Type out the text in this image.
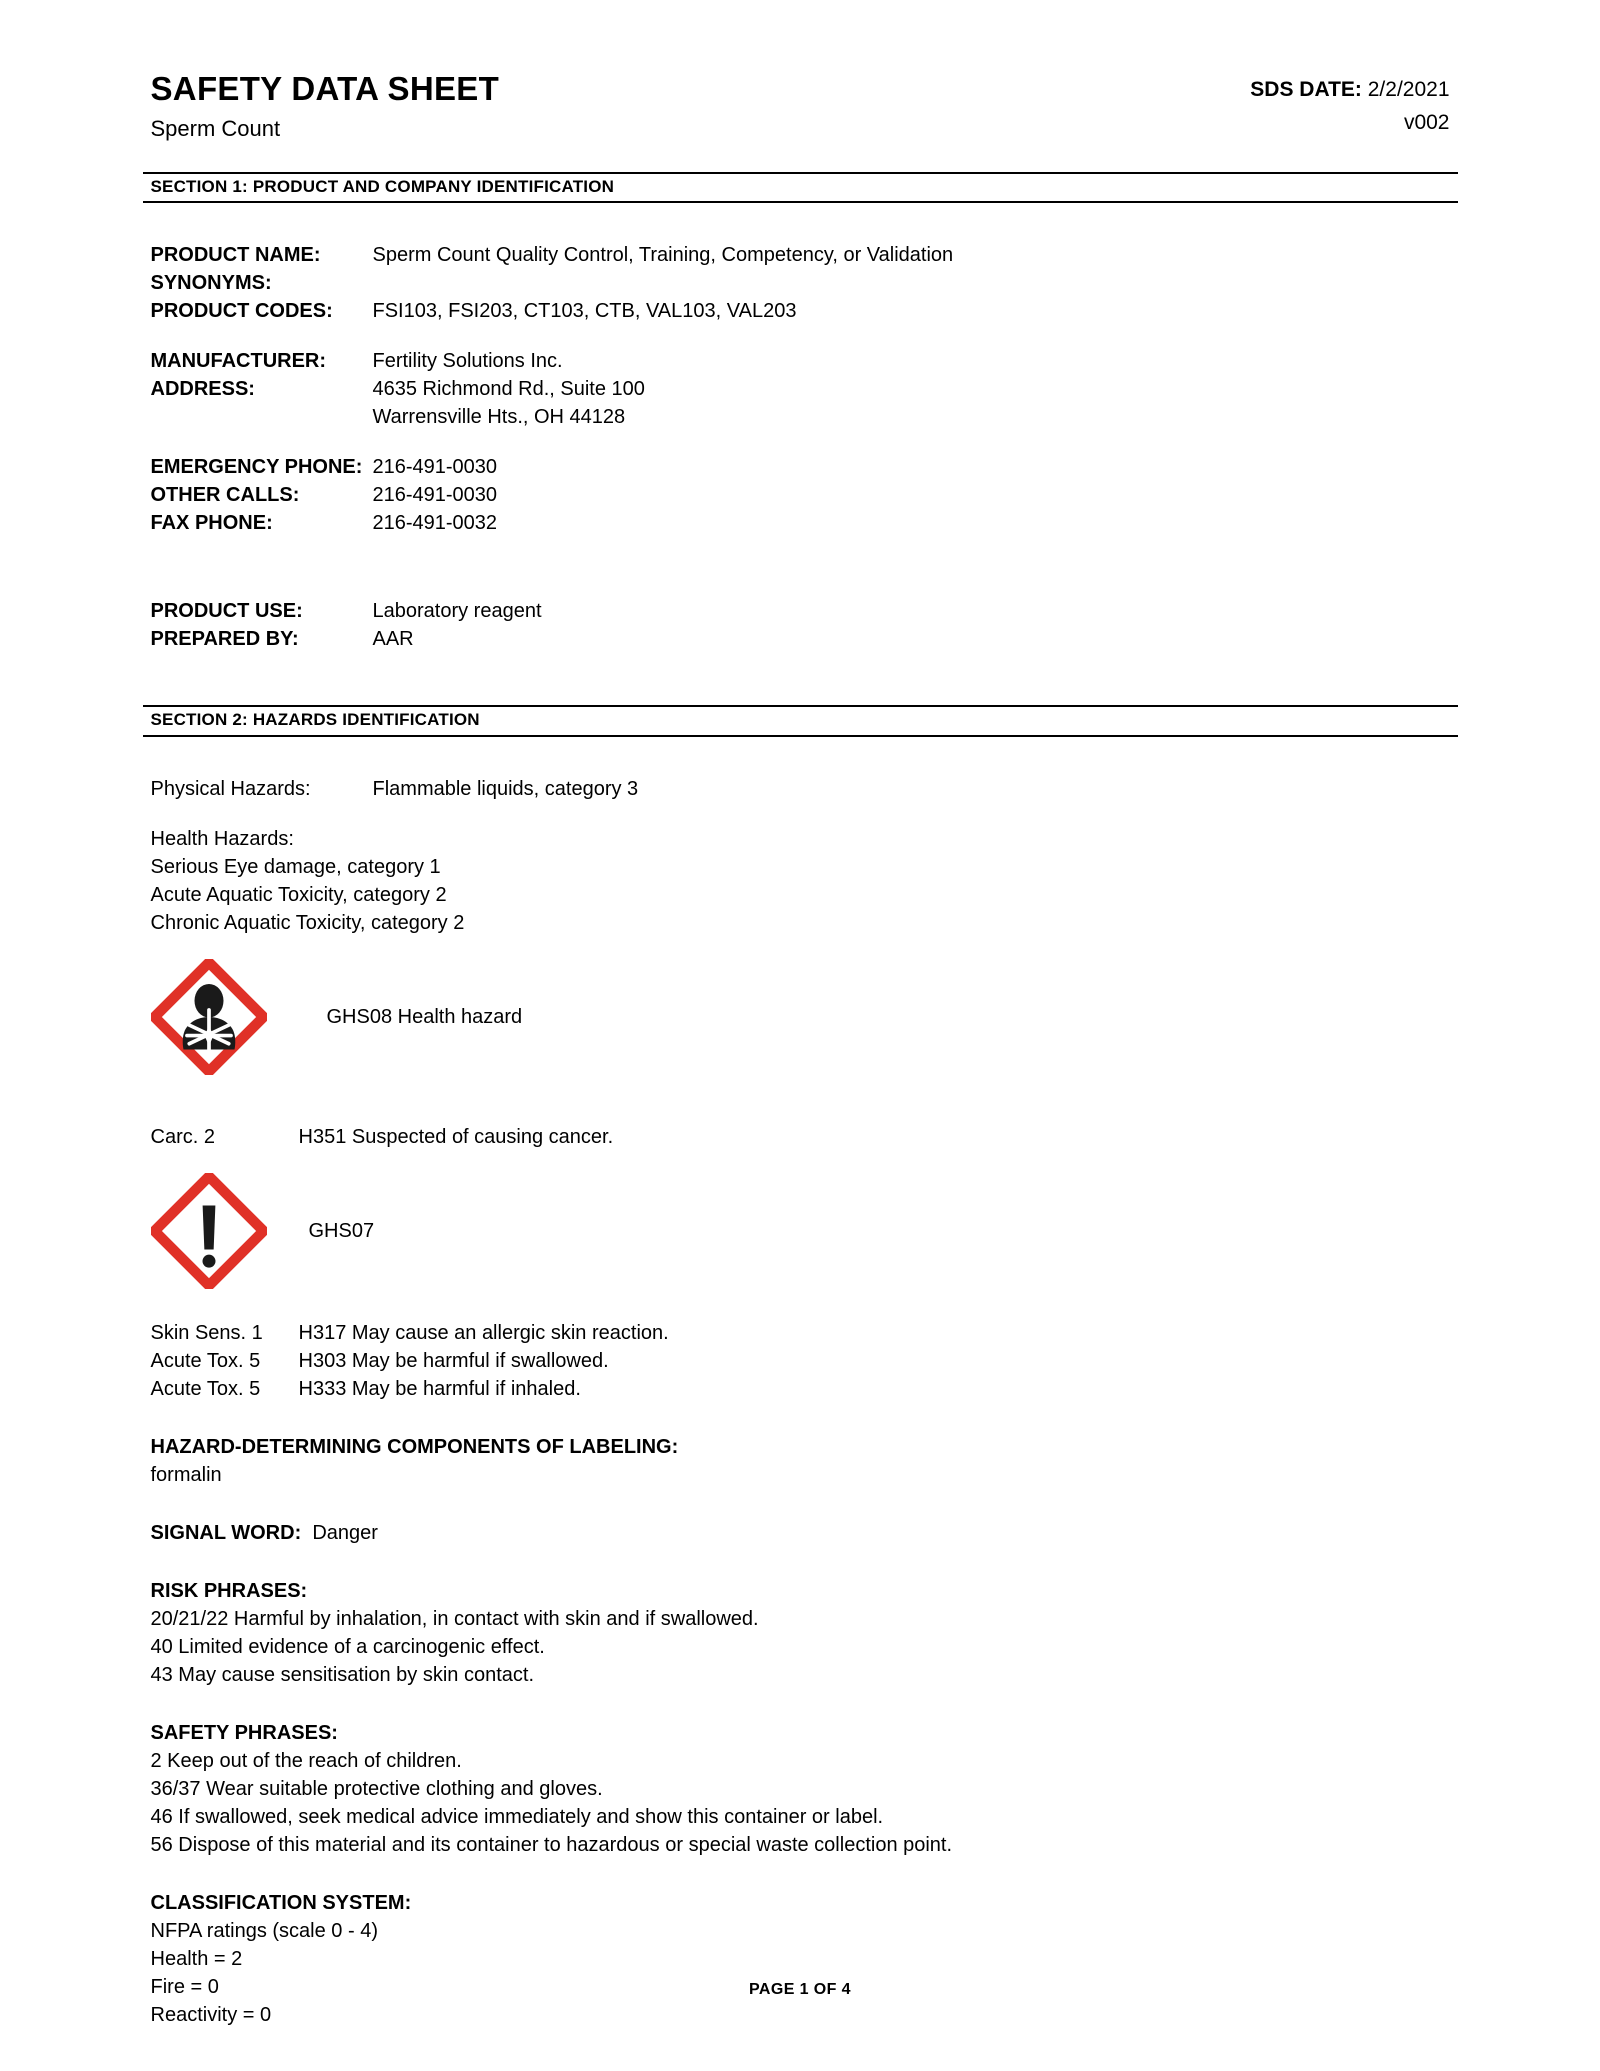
SAFETY DATA SHEET
Sperm Count
SDS DATE: 2/2/2021
v002
SECTION 1: PRODUCT AND COMPANY IDENTIFICATION
PRODUCT NAME:	Sperm Count Quality Control, Training, Competency, or Validation
SYNONYMS:
PRODUCT CODES:	FSI103, FSI203, CT103, CTB, VAL103, VAL203
MANUFACTURER:	Fertility Solutions Inc.
ADDRESS:	4635 Richmond Rd., Suite 100
Warrensville Hts., OH 44128
EMERGENCY PHONE: 216-491-0030
OTHER CALLS:	216-491-0030
FAX PHONE:	216-491-0032
PRODUCT USE:	Laboratory reagent
PREPARED BY:	AAR
SECTION 2: HAZARDS IDENTIFICATION
Physical Hazards:	Flammable liquids, category 3
Health Hazards:
Serious Eye damage, category 1
Acute Aquatic Toxicity, category 2
Chronic Aquatic Toxicity, category 2
GHS08 Health hazard
Carc. 2	H351 Suspected of causing cancer.
GHS07
Skin Sens. 1	H317 May cause an allergic skin reaction.
Acute Tox. 5	H303 May be harmful if swallowed.
Acute Tox. 5	H333 May be harmful if inhaled.
HAZARD-DETERMINING COMPONENTS OF LABELING:
formalin
SIGNAL WORD: Danger
RISK PHRASES:
20/21/22 Harmful by inhalation, in contact with skin and if swallowed.
40 Limited evidence of a carcinogenic effect.
43 May cause sensitisation by skin contact.
SAFETY PHRASES:
2 Keep out of the reach of children.
36/37 Wear suitable protective clothing and gloves.
46 If swallowed, seek medical advice immediately and show this container or label.
56 Dispose of this material and its container to hazardous or special waste collection point.
CLASSIFICATION SYSTEM:
NFPA ratings (scale 0 - 4)
Health = 2
Fire = 0
Reactivity = 0
PAGE 1 OF 4
